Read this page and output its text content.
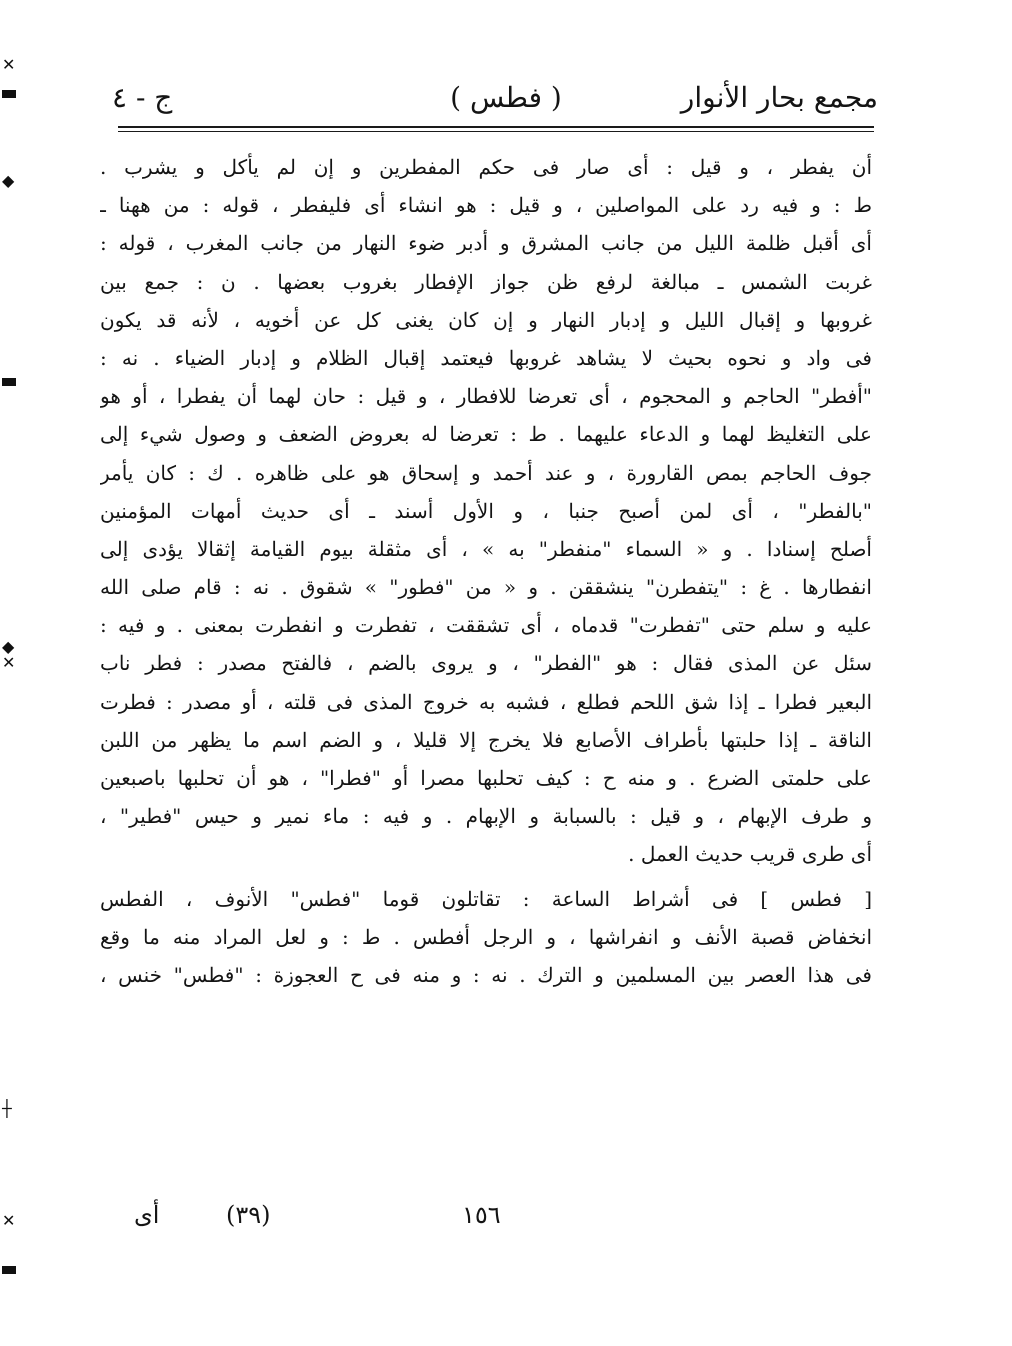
مجمع بحار الأنوار
( فطس )
ج - ٤
أن يفطر ، و قيل : أى صار فى حكم المفطرين و إن لم يأكل و يشرب .
ط : و فيه رد على المواصلين ، و قيل : هو انشاء أى فليفطر ، قوله : من ههنا ـ
أى أقبل ظلمة الليل من جانب المشرق و أدبر ضوء النهار من جانب المغرب ، قوله :
غربت الشمس ـ مبالغة لرفع ظن جواز الإفطار بغروب بعضها . ن : جمع بين
غروبها و إقبال الليل و إدبار النهار و إن كان يغنى كل عن أخويه ، لأنه قد يكون
فى واد و نحوه بحيث لا يشاهد غروبها فيعتمد إقبال الظلام و إدبار الضياء . نه :
"أفطر" الحاجم و المحجوم ، أى تعرضا للافطار ، و قيل : حان لهما أن يفطرا ، أو هو
على التغليظ لهما و الدعاء عليهما . ط : تعرضا له بعروض الضعف و وصول شيء إلى
جوف الحاجم بمص القارورة ، و عند أحمد و إسحاق هو على ظاهره . ك : كان يأمر
"بالفطر" ، أى لمن أصبح جنبا ، و الأول أسند ـ أى حديث أمهات المؤمنين
أصلح إسنادا . و « السماء "منفطر" به » ، أى مثقلة بيوم القيامة إثقالا يؤدى إلى
انفطارها . غ : "يتفطرن" ينشققن . و « من "فطور" » شقوق . نه : قام صلى الله
عليه و سلم حتى "تفطرت" قدماه ، أى تشققت ، تفطرت و انفطرت بمعنى . و فيه :
سئل عن المذى فقال : هو "الفطر" ، و يروى بالضم ، فالفتح مصدر : فطر ناب
البعير فطرا ـ إذا شق اللحم فطلع ، فشبه به خروج المذى فى قلته ، أو مصدر : فطرت
الناقة ـ إذا حلبتها بأطراف الأصابع فلا يخرج إلا قليلا ، و الضم اسم ما يظهر من اللبن
على حلمتى الضرع . و منه ح : كيف تحلبها مصرا أو "فطرا" ، هو أن تحلبها باصبعين
و طرف الإبهام ، و قيل : بالسبابة و الإبهام . و فيه : ماء نمير و حيس "فطير" ،
أى طرى قريب حديث العمل .
[ فطس ] فى أشراط الساعة : تقاتلون قوما "فطس" الأنوف ، الفطس
انخفاض قصبة الأنف و انفراشها ، و الرجل أفطس . ط : و لعل المراد منه ما وقع
فى هذا العصر بين المسلمين و الترك . نه : و منه فى ح العجوزة : "فطس" خنس ،
١٥٦
(٣٩)
أى
✕
◆
◆
✕
┼
✕
